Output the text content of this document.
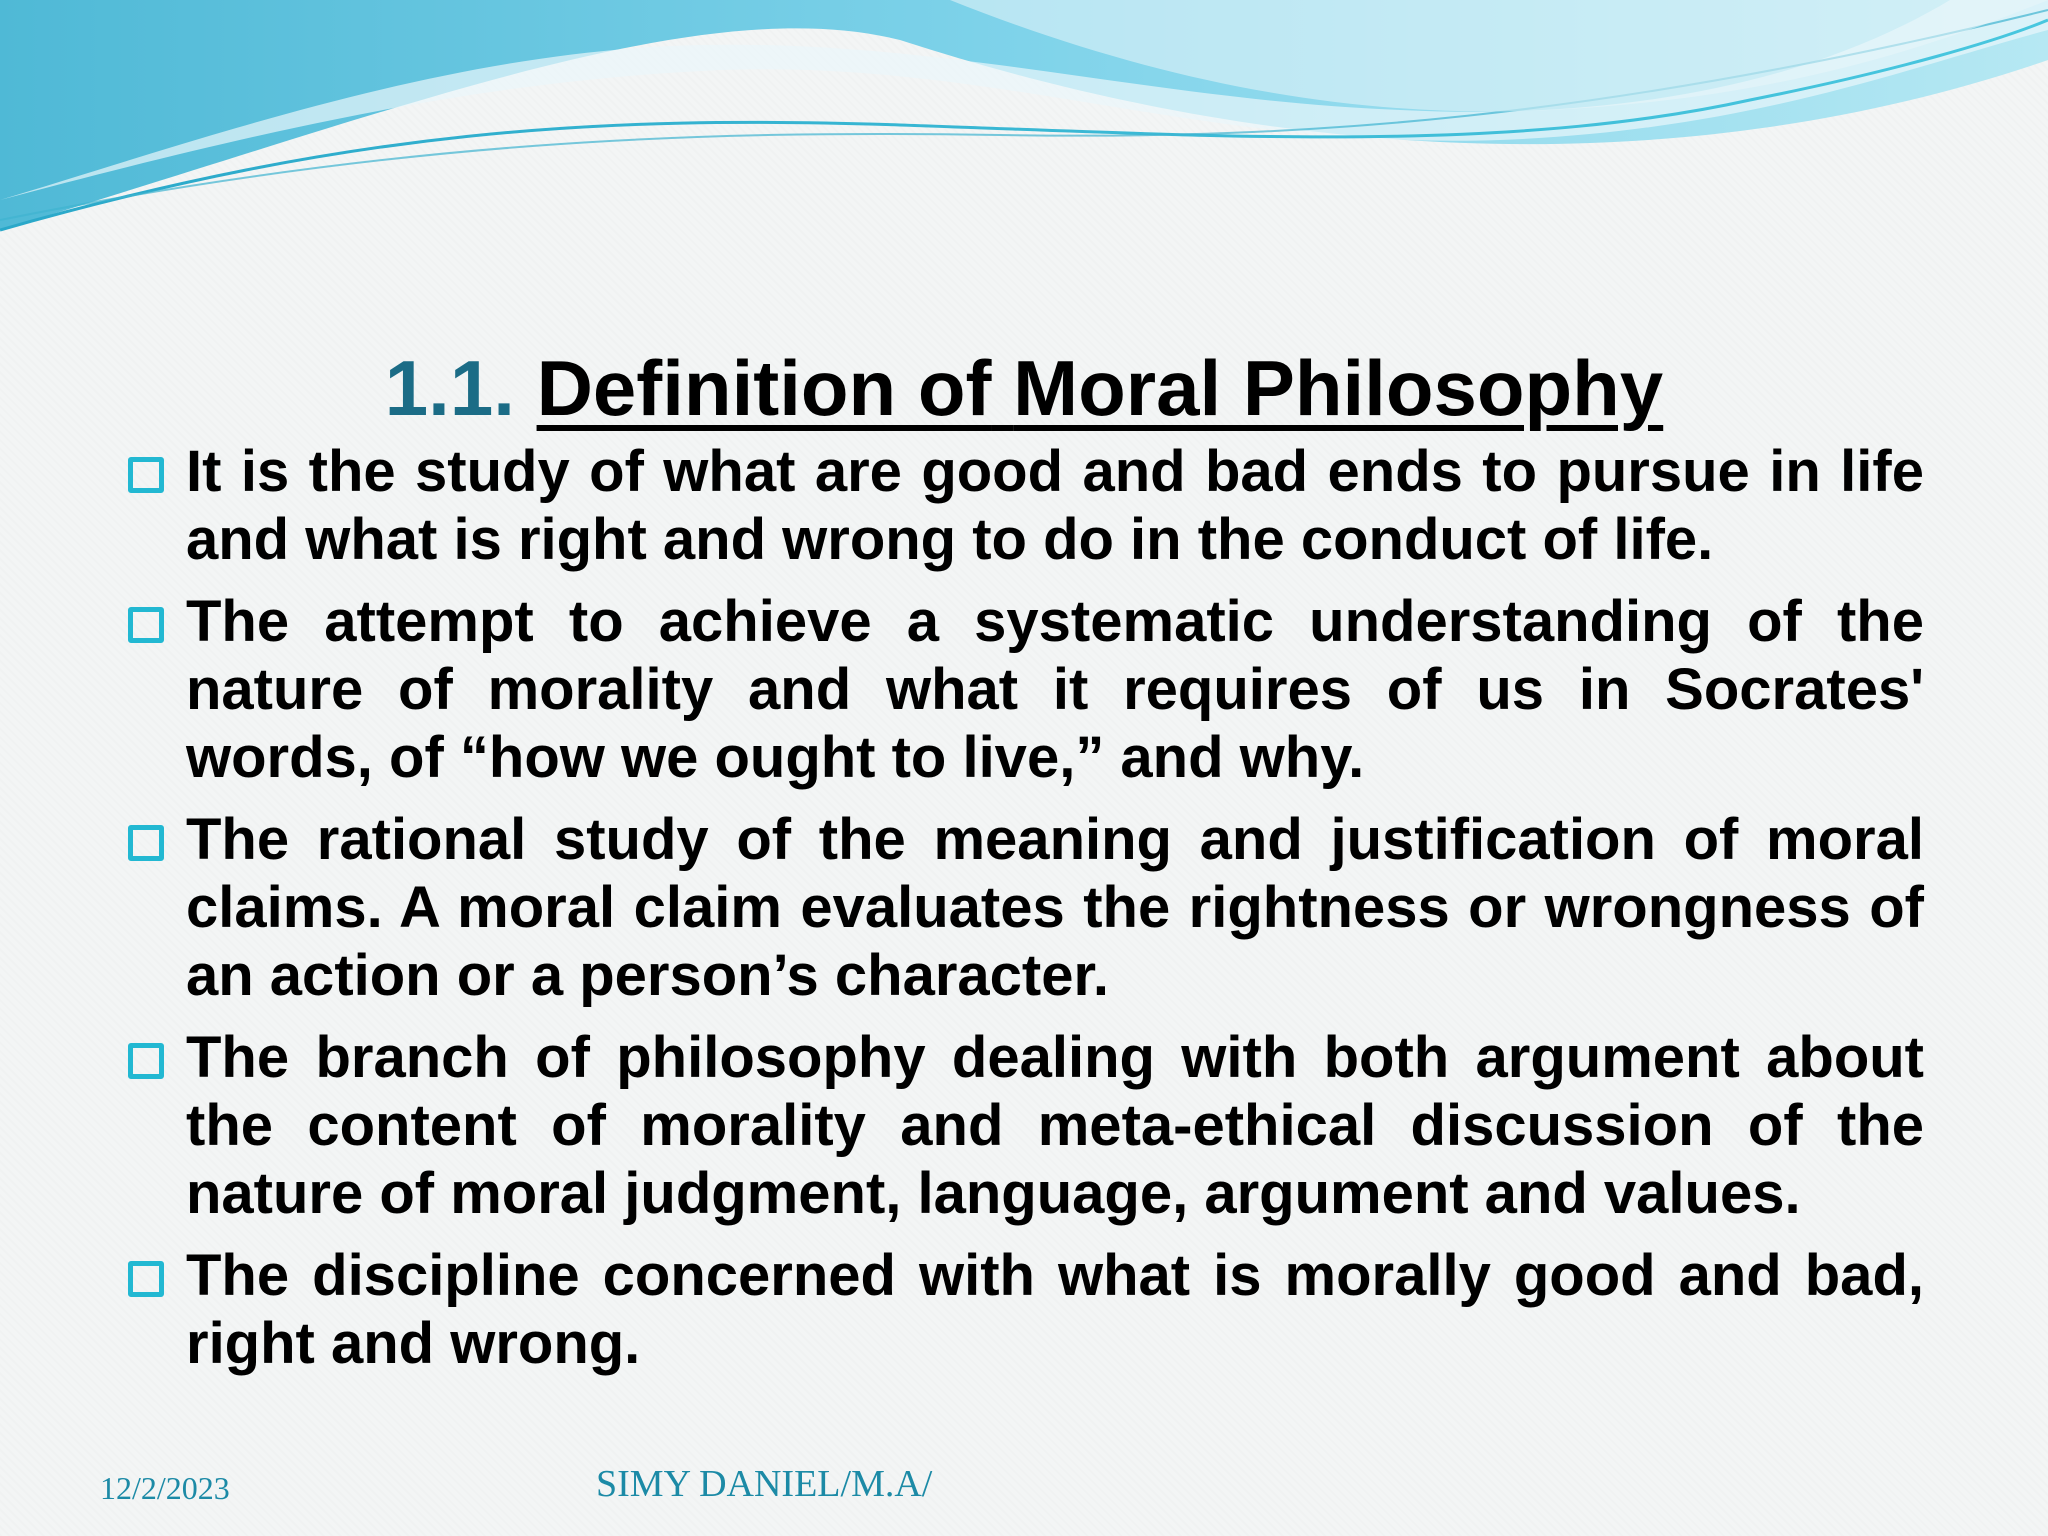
1.1. Definition of Moral Philosophy
It is the study of what are good and bad ends to pursue in life and what is right and wrong to do in the conduct of life.
The attempt to achieve a systematic understanding of the nature of morality and what it requires of us in Socrates' words, of “how we ought to live,” and why.
The rational study of the meaning and justification of moral claims. A moral claim evaluates the rightness or wrongness of an action or a person’s character.
The branch of philosophy dealing with both argument about the content of morality and meta-ethical discussion of the nature of moral judgment, language, argument and values.
The discipline concerned with what is morally good and bad, right and wrong.
12/2/2023	SIMY DANIEL/M.A/
